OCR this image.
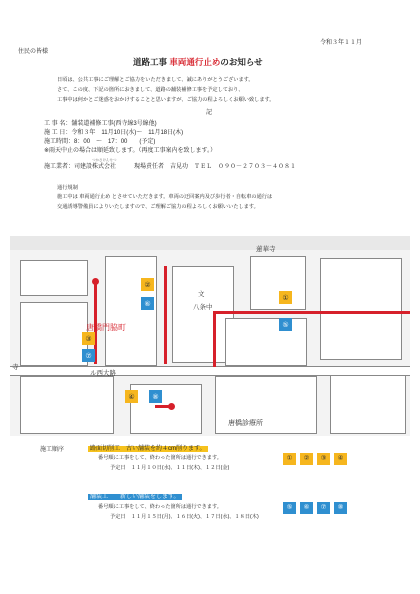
令和３年１１月
住民の皆様
道路工事 車両通行止めのお知らせ
日頃は、公共工事にご理解とご協力をいただきまして、誠にありがとうございます。
さて、この度、下記の箇所におきまして、道路の舗装補修工事を予定しており、
工事中は何かとご迷惑をおかけすることと思いますが、ご協力の程よろしくお願い致します。
記
工 事 名：舗装道補修工事(西寺線3号線他)
施 工 日：令和３年　11月10日(水)～　11月18日(木)
施工時間：8：00　～　17：00　　(予定)
※雨天中止の場合は順延致します。（再度工事案内を致します。）
つかさけんせつ
施工業者：司建設株式会社　　　現場責任者　吉見功　ＴＥＬ　０９０－２７０３－４０８１
通行規制
施工中は 車両通行止め とさせていただきます。車両の迂回案内及び歩行者・自転車の通行は
交通誘導警備員によりいたしますので、ご理解ご協力の程よろしくお願いいたします。
①
②
③
④
⑤
⑥
⑦
⑧
蓮華寺
文
八条中
唐橋門脇町
寺
ル西大路
唐橋診療所
施工順序	路面切削工　古い舗装を約４cm削ります。
番号順に工事をして、終わった箇所は通行できます。
予定日　１１月１０日(水)、１１日(木)、１２日(金)
① ② ③ ④
舗装工　　新しい舗装をします。
番号順に工事をして、終わった箇所は通行できます。
予定日　１１月１５日(月)、１６日(火)、１７日(水)、１８日(木)
⑤ ⑥ ⑦ ⑧
